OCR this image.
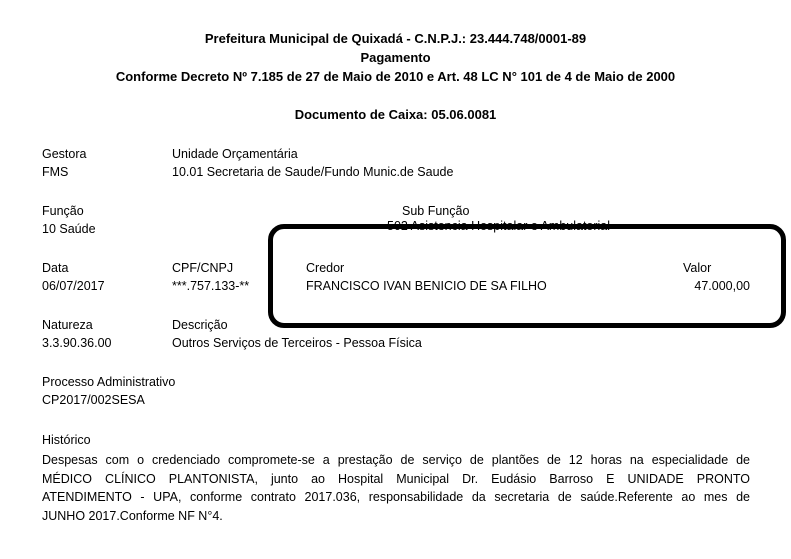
Prefeitura Municipal de Quixadá - C.N.P.J.: 23.444.748/0001-89
Pagamento
Conforme Decreto Nº 7.185 de 27 de Maio de 2010 e Art. 48 LC N° 101 de 4 de Maio de 2000
Documento de Caixa: 05.06.0081
Gestora
FMS
Unidade Orçamentária
10.01 Secretaria de Saude/Fundo Munic.de Saude
Função
10 Saúde
Sub Função
502 Asistencia Hospitalar e Ambulatorial
Data
06/07/2017
CPF/CNPJ
***.757.133-**
Credor
FRANCISCO IVAN BENICIO DE SA FILHO
Valor
47.000,00
Natureza
3.3.90.36.00
Descrição
Outros Serviços de Terceiros - Pessoa Física
Processo Administrativo
CP2017/002SESA
Histórico
Despesas com o credenciado compromete-se a prestação de serviço de plantões de 12 horas na especialidade de
MÉDICO CLÍNICO PLANTONISTA, junto ao Hospital Municipal Dr. Eudásio Barroso E UNIDADE PRONTO
ATENDIMENTO - UPA, conforme contrato 2017.036, responsabilidade da secretaria de saúde.Referente ao mes de
JUNHO 2017.Conforme NF N°4.
